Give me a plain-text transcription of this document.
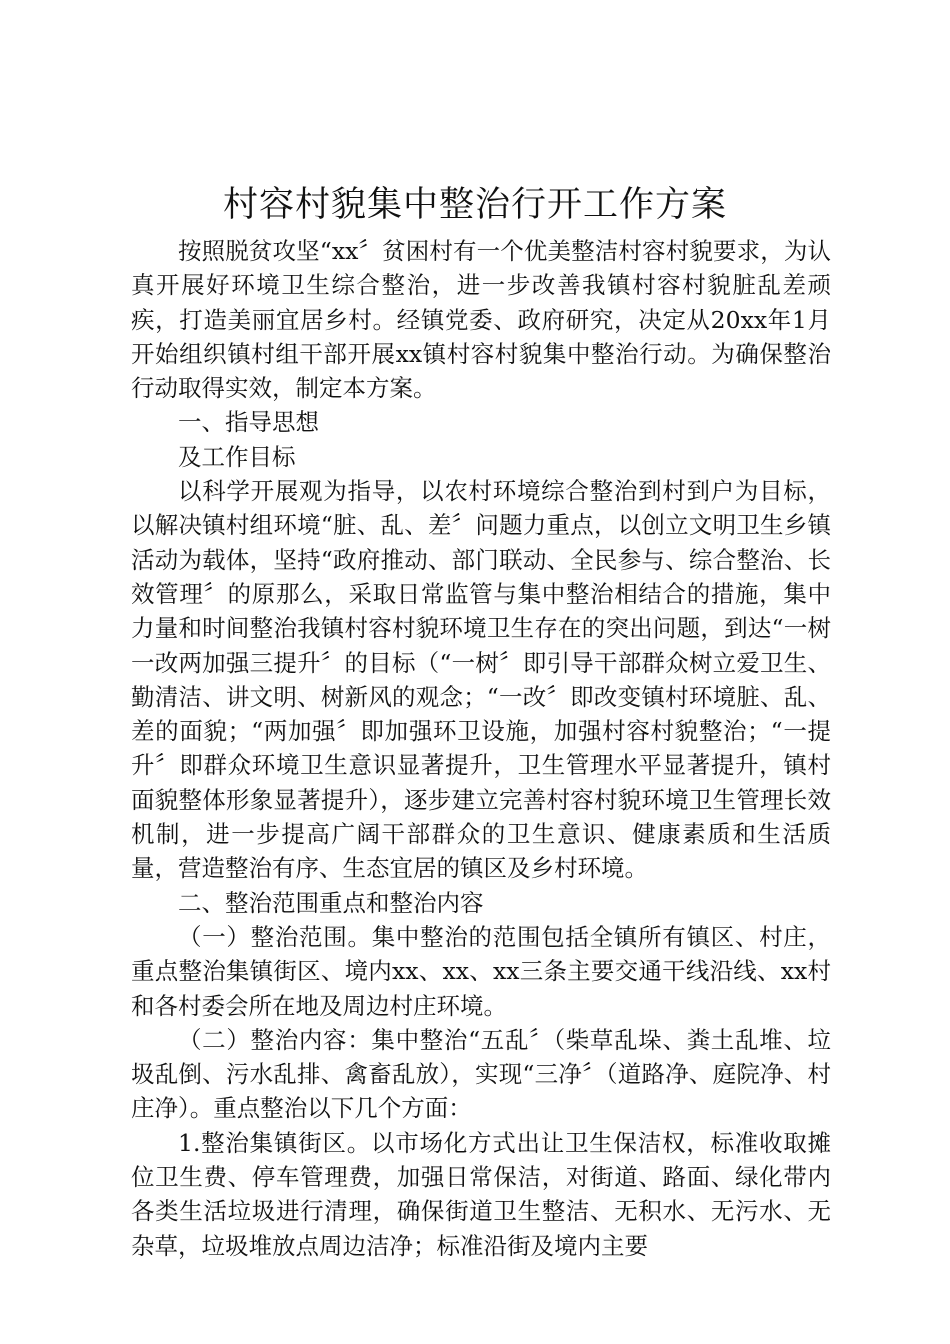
村容村貌集中整治行开工作方案

按照脱贫攻坚“xx〞贫困村有一个优美整洁村容村貌要求，为认真开展好环境卫生综合整治，进一步改善我镇村容村貌脏乱差顽疾，打造美丽宜居乡村。经镇党委、政府研究，决定从20xx年1月开始组织镇村组干部开展xx镇村容村貌集中整治行动。为确保整治行动取得实效，制定本方案。

一、指导思想

及工作目标

以科学开展观为指导，以农村环境综合整治到村到户为目标，以解决镇村组环境“脏、乱、差〞问题力重点，以创立文明卫生乡镇活动为载体，坚持“政府推动、部门联动、全民参与、综合整治、长效管理〞的原那么，采取日常监管与集中整治相结合的措施，集中力量和时间整治我镇村容村貌环境卫生存在的突出问题，到达“一树一改两加强三提升〞的目标（“一树〞即引导干部群众树立爱卫生、勤清洁、讲文明、树新风的观念；“一改〞即改变镇村环境脏、乱、差的面貌；“两加强〞即加强环卫设施，加强村容村貌整治；“一提升〞即群众环境卫生意识显著提升，卫生管理水平显著提升，镇村面貌整体形象显著提升），逐步建立完善村容村貌环境卫生管理长效机制，进一步提高广阔干部群众的卫生意识、健康素质和生活质量，营造整治有序、生态宜居的镇区及乡村环境。

二、整治范围重点和整治内容

（一）整治范围。集中整治的范围包括全镇所有镇区、村庄，重点整治集镇街区、境内xx、xx、xx三条主要交通干线沿线、xx村和各村委会所在地及周边村庄环境。

（二）整治内容：集中整治“五乱〞（柴草乱垛、粪土乱堆、垃圾乱倒、污水乱排、禽畜乱放），实现“三净〞（道路净、庭院净、村庄净）。重点整治以下几个方面：

1.整治集镇街区。以市场化方式出让卫生保洁权，标准收取摊位卫生费、停车管理费，加强日常保洁，对街道、路面、绿化带内各类生活垃圾进行清理，确保街道卫生整洁、无积水、无污水、无杂草，垃圾堆放点周边洁净；标准沿街及境内主要
